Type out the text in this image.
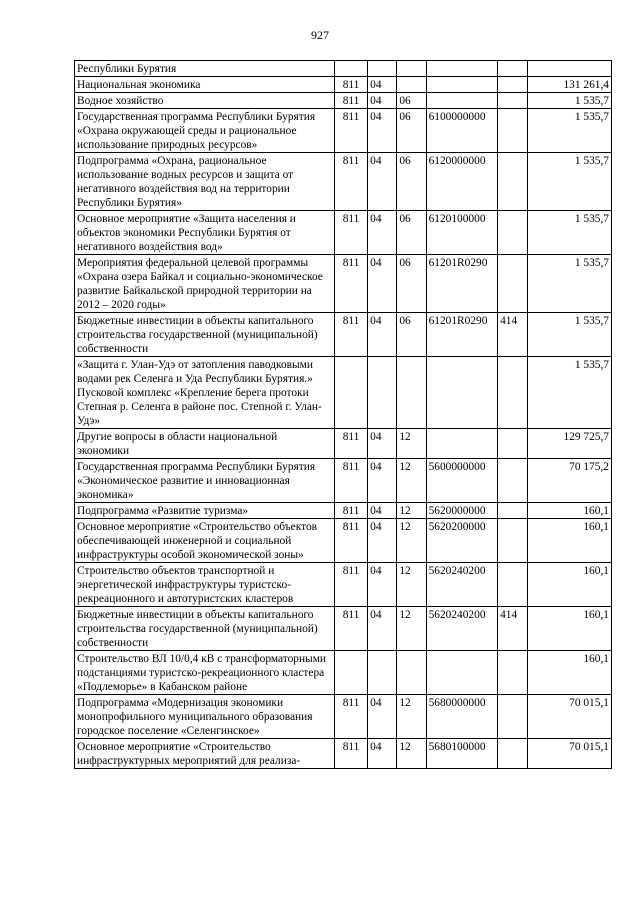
927
Республики Бурятия						
Национальная экономика	811	04				131 261,4
Водное хозяйство	811	04	06			1 535,7
Государственная программа Республики Бурятия «Охрана окружающей среды и рациональное использование природных ресурсов»	811	04	06	6100000000		1 535,7
Подпрограмма «Охрана, рациональное использование водных ресурсов и защита от негативного воздействия вод на территории Республики Бурятия»	811	04	06	6120000000		1 535,7
Основное мероприятие «Защита населения и объектов экономики Республики Бурятия от негативного воздействия вод»	811	04	06	6120100000		1 535,7
Мероприятия федеральной целевой программы «Охрана озера Байкал и социально-экономическое развитие Байкальской природной территории на 2012 – 2020 годы»	811	04	06	61201R0290		1 535,7
Бюджетные инвестиции в объекты капитального строительства государственной (муниципальной) собственности	811	04	06	61201R0290	414	1 535,7
«Защита г. Улан-Удэ от затопления паводковыми водами рек Селенга и Уда Республики Бурятия.» Пусковой комплекс «Крепление берега протоки Степная р. Селенга в районе пос. Степной г. Улан-Удэ»						1 535,7
Другие вопросы в области национальной экономики	811	04	12			129 725,7
Государственная программа Республики Бурятия «Экономическое развитие и инновационная экономика»	811	04	12	5600000000		70 175,2
Подпрограмма «Развитие туризма»	811	04	12	5620000000		160,1
Основное мероприятие «Строительство объектов обеспечивающей инженерной и социальной инфраструктуры особой экономической зоны»	811	04	12	5620200000		160,1
Строительство объектов транспортной и энергетической инфраструктуры туристско-рекреационного и автотуристских кластеров	811	04	12	5620240200		160,1
Бюджетные инвестиции в объекты капитального строительства государственной (муниципальной) собственности	811	04	12	5620240200	414	160,1
Строительство ВЛ 10/0,4 кВ с трансформаторными подстанциями туристско-рекреационного кластера «Подлеморье» в Кабанском районе						160,1
Подпрограмма «Модернизация экономики монопрофильного муниципального образования городское поселение «Селенгинское»	811	04	12	5680000000		70 015,1
Основное мероприятие «Строительство инфраструктурных мероприятий для реализа-	811	04	12	5680100000		70 015,1
